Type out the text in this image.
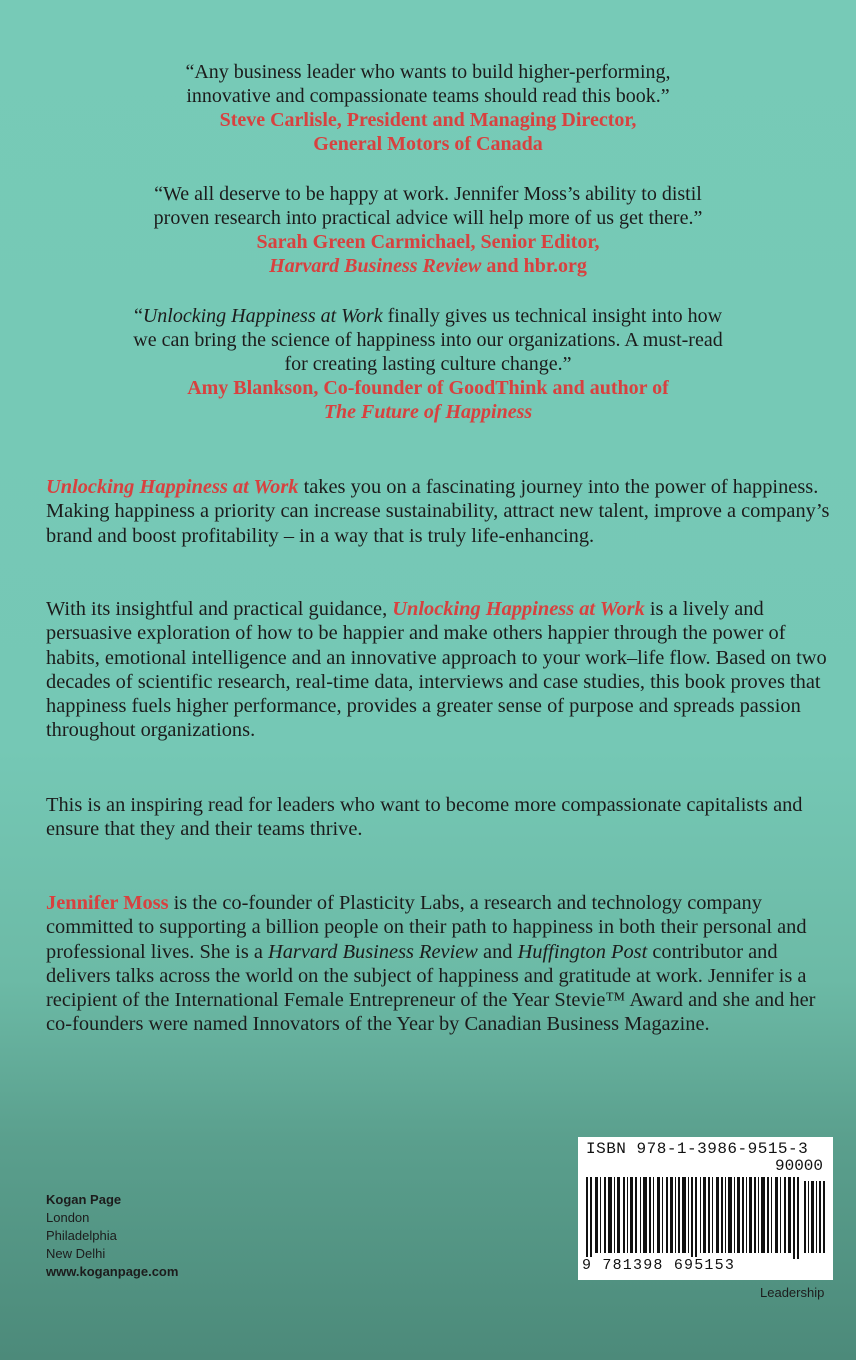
“Any business leader who wants to build higher-performing,
innovative and compassionate teams should read this book.”
Steve Carlisle, President and Managing Director,
General Motors of Canada
“We all deserve to be happy at work. Jennifer Moss’s ability to distil
proven research into practical advice will help more of us get there.”
Sarah Green Carmichael, Senior Editor,
Harvard Business Review and hbr.org
“Unlocking Happiness at Work finally gives us technical insight into how
we can bring the science of happiness into our organizations. A must-read
for creating lasting culture change.”
Amy Blankson, Co-founder of GoodThink and author of
The Future of Happiness
Unlocking Happiness at Work takes you on a fascinating journey into the power of happiness. Making happiness a priority can increase sustainability, attract new talent, improve a company’s brand and boost profitability – in a way that is truly life-enhancing.
With its insightful and practical guidance, Unlocking Happiness at Work is a lively and persuasive exploration of how to be happier and make others happier through the power of habits, emotional intelligence and an innovative approach to your work–life flow. Based on two decades of scientific research, real-time data, interviews and case studies, this book proves that happiness fuels higher performance, provides a greater sense of purpose and spreads passion throughout organizations.
This is an inspiring read for leaders who want to become more compassionate capitalists and ensure that they and their teams thrive.
Jennifer Moss is the co-founder of Plasticity Labs, a research and technology company committed to supporting a billion people on their path to happiness in both their personal and professional lives. She is a Harvard Business Review and Huffington Post contributor and delivers talks across the world on the subject of happiness and gratitude at work. Jennifer is a recipient of the International Female Entrepreneur of the Year Stevie™ Award and she and her co-founders were named Innovators of the Year by Canadian Business Magazine.
Kogan Page
London
Philadelphia
New Delhi
www.koganpage.com
ISBN 978-1-3986-9515-3
90000
9 781398 695153
Leadership
